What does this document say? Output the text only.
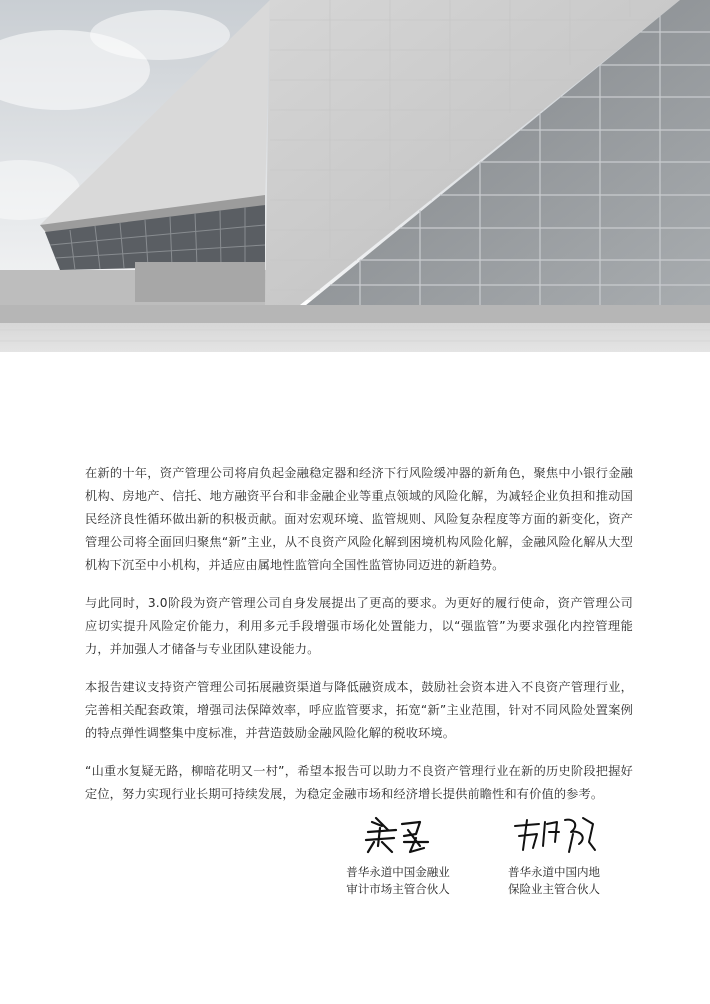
在新的十年，资产管理公司将肩负起金融稳定器和经济下行风险缓冲器的新角色，聚焦中小银行金融机构、房地产、信托、地方融资平台和非金融企业等重点领域的风险化解，为减轻企业负担和推动国民经济良性循环做出新的积极贡献。面对宏观环境、监管规则、风险复杂程度等方面的新变化，资产管理公司将全面回归聚焦“新”主业，从不良资产风险化解到困境机构风险化解，金融风险化解从大型机构下沉至中小机构，并适应由属地性监管向全国性监管协同迈进的新趋势。

与此同时，3.0阶段为资产管理公司自身发展提出了更高的要求。为更好的履行使命，资产管理公司应切实提升风险定价能力，利用多元手段增强市场化处置能力，以“强监管”为要求强化内控管理能力，并加强人才储备与专业团队建设能力。

本报告建议支持资产管理公司拓展融资渠道与降低融资成本，鼓励社会资本进入不良资产管理行业，完善相关配套政策，增强司法保障效率，呼应监管要求，拓宽“新”主业范围，针对不同风险处置案例的特点弹性调整集中度标准，并营造鼓励金融风险化解的税收环境。

“山重水复疑无路，柳暗花明又一村”，希望本报告可以助力不良资产管理行业在新的历史阶段把握好定位，努力实现行业长期可持续发展，为稳定金融市场和经济增长提供前瞻性和有价值的参考。

普华永道中国金融业
审计市场主管合伙人
普华永道中国内地
保险业主管合伙人
